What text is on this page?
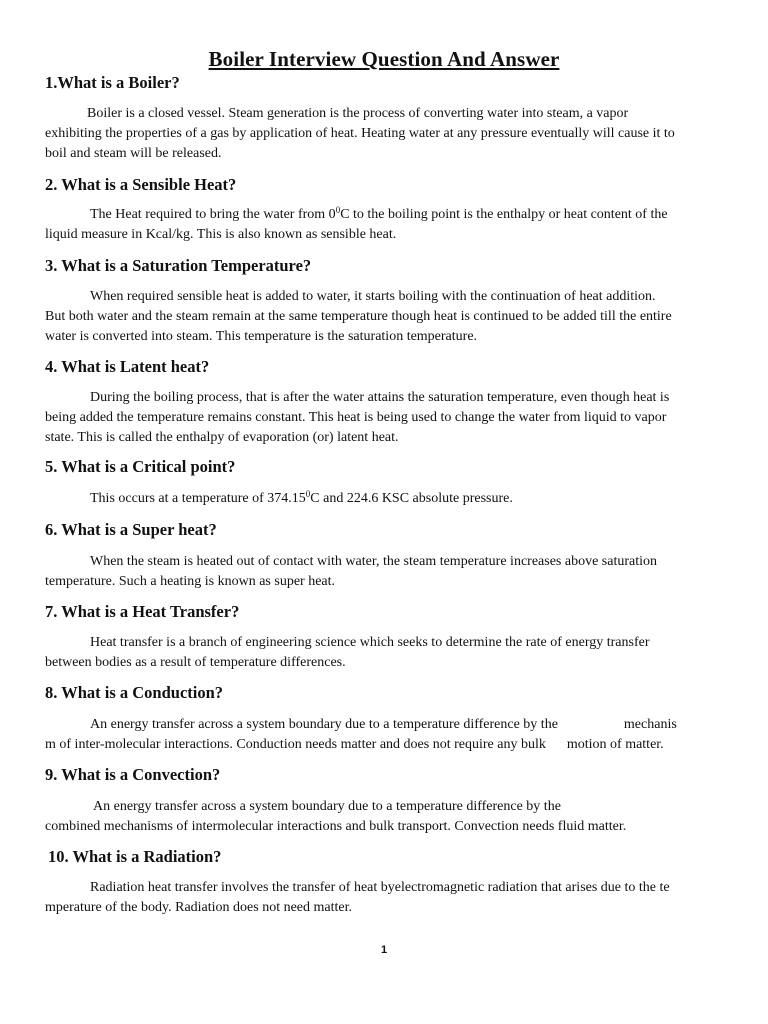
Boiler Interview Question And Answer
1.What is a Boiler?
Boiler is a closed vessel. Steam generation is the process of converting water into steam, a vapor
exhibiting the properties of a gas by application of heat. Heating water at any pressure eventually will cause it to
boil and steam will be released.
2. What is a Sensible Heat?
The Heat required to bring the water from $0^0C$ to the boiling point is the enthalpy or heat content of the
liquid measure in Kcal/kg. This is also known as sensible heat.
3. What is a Saturation Temperature?
When required sensible heat is added to water, it starts boiling with the continuation of heat addition.
But both water and the steam remain at the same temperature though heat is continued to be added till the entire
water is converted into steam. This temperature is the saturation temperature.
4. What is Latent heat?
During the boiling process, that is after the water attains the saturation temperature, even though heat is
being added the temperature remains constant. This heat is being used to change the water from liquid to vapor
state. This is called the enthalpy of evaporation (or) latent heat.
5. What is a Critical point?
This occurs at a temperature of 374.15$^0$C and 224.6 KSC absolute pressure.
6. What is a Super heat?
When the steam is heated out of contact with water, the steam temperature increases above saturation
temperature. Such a heating is known as super heat.
7. What is a Heat Transfer?
Heat transfer is a branch of engineering science which seeks to determine the rate of energy transfer
between bodies as a result of temperature differences.
8. What is a Conduction?
An energy transfer across a system boundary due to a temperature difference by the	mechanis
m of inter-molecular interactions. Conduction needs matter and does not require any bulk motion of matter.
9. What is a Convection?
An energy transfer across a system boundary due to a temperature difference by the
combined mechanisms of intermolecular interactions and bulk transport. Convection needs fluid matter.
10. What is a Radiation?
Radiation heat transfer involves the transfer of heat byelectromagnetic radiation that arises due to the te
mperature of the body. Radiation does not need matter.
1
